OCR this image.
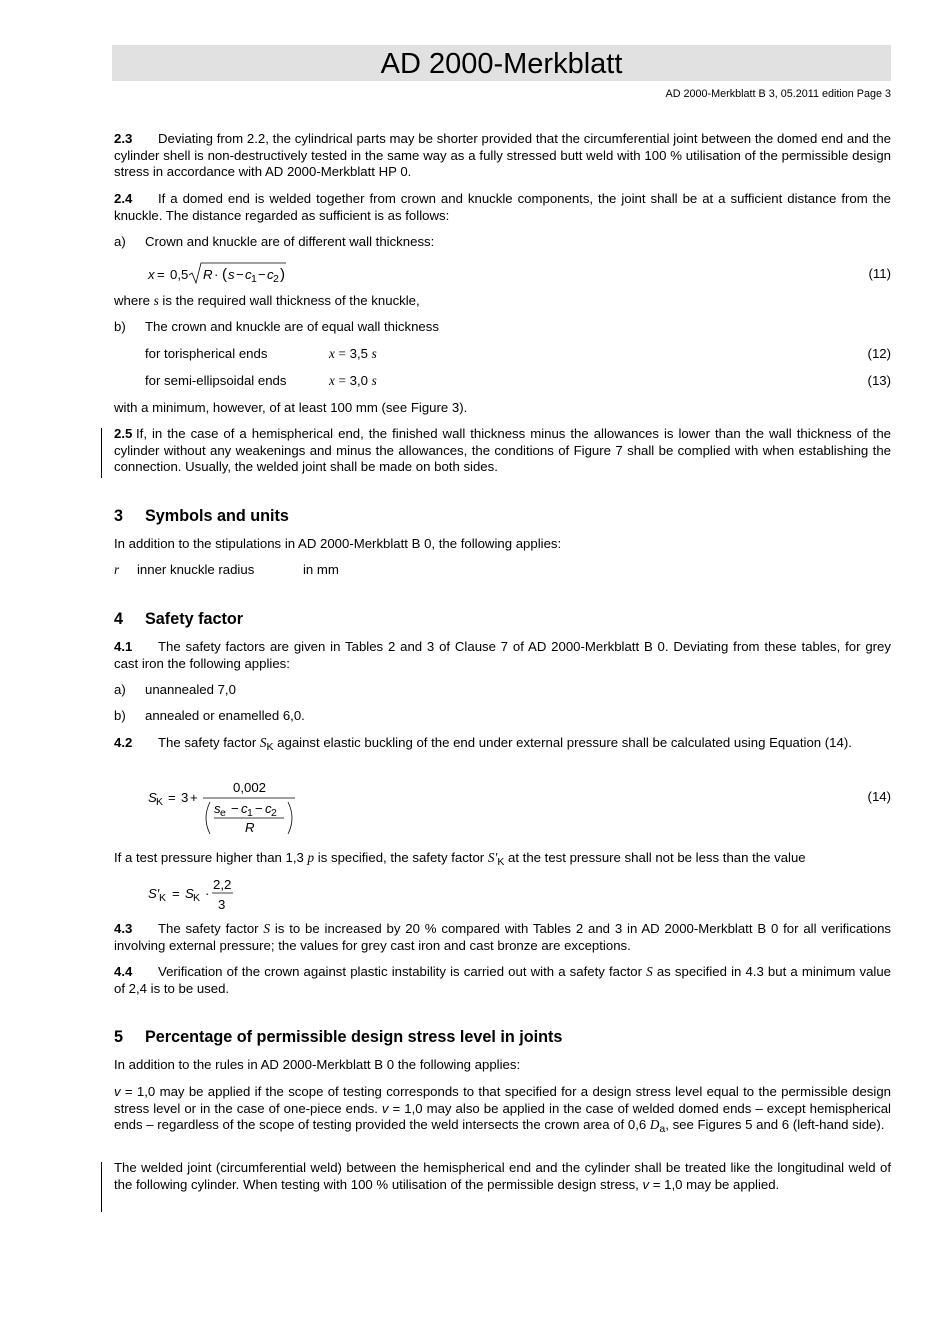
AD 2000-Merkblatt
AD 2000-Merkblatt B 3, 05.2011 edition Page 3

2.3 Deviating from 2.2, the cylindrical parts may be shorter provided that the circumferential joint between the domed end and the cylinder shell is non-destructively tested in the same way as a fully stressed butt weld with 100 % utilisation of the permissible design stress in accordance with AD 2000-Merkblatt HP 0.

2.4 If a domed end is welded together from crown and knuckle components, the joint shall be at a sufficient distance from the knuckle. The distance regarded as sufficient is as follows:

a) Crown and knuckle are of different wall thickness:
x = 0,5 R · ( s − c 1 − c 2 )	(11)
where s is the required wall thickness of the knuckle,
b) The crown and knuckle are of equal wall thickness
for torispherical ends	x = 3,5 s	(12)
for semi-ellipsoidal ends	x = 3,0 s	(13)
with a minimum, however, of at least 100 mm (see Figure 3).

2.5 If, in the case of a hemispherical end, the finished wall thickness minus the allowances is lower than the wall thickness of the cylinder without any weakenings and minus the allowances, the conditions of Figure 7 shall be complied with when establishing the connection. Usually, the welded joint shall be made on both sides.

3 Symbols and units
In addition to the stipulations in AD 2000-Merkblatt B 0, the following applies:
r inner knuckle radius	in mm
4 Safety factor

4.1 The safety factors are given in Tables 2 and 3 of Clause 7 of AD 2000-Merkblatt B 0. Deviating from these tables, for grey cast iron the following applies:

a) unannealed 7,0
b) annealed or enamelled 6,0.

4.2 The safety factor $S_K$ against elastic buckling of the end under external pressure shall be calculated using Equation (14).

S K = 3 +
0,002
s e − c 1 − c 2
R
(14)
If a test pressure higher than 1,3 p is specified, the safety factor $S'_K$ at the test pressure shall not be less than the value
S′ K = S K ·
2,2
3

4.3 The safety factor S is to be increased by 20 % compared with Tables 2 and 3 in AD 2000-Merkblatt B 0 for all verifications involving external pressure; the values for grey cast iron and cast bronze are exceptions.

4.4 Verification of the crown against plastic instability is carried out with a safety factor S as specified in 4.3 but a minimum value of 2,4 is to be used.

5 Percentage of permissible design stress level in joints
In addition to the rules in AD 2000-Merkblatt B 0 the following applies:

v = 1,0 may be applied if the scope of testing corresponds to that specified for a design stress level equal to the permissible design stress level or in the case of one-piece ends. v = 1,0 may also be applied in the case of welded domed ends – except hemispherical ends – regardless of the scope of testing provided the weld intersects the crown area of 0,6 $D_a$, see Figures 5 and 6 (left-hand side).

The welded joint (circumferential weld) between the hemispherical end and the cylinder shall be treated like the longitudinal weld of the following cylinder. When testing with 100 % utilisation of the permissible design stress, v = 1,0 may be applied.
